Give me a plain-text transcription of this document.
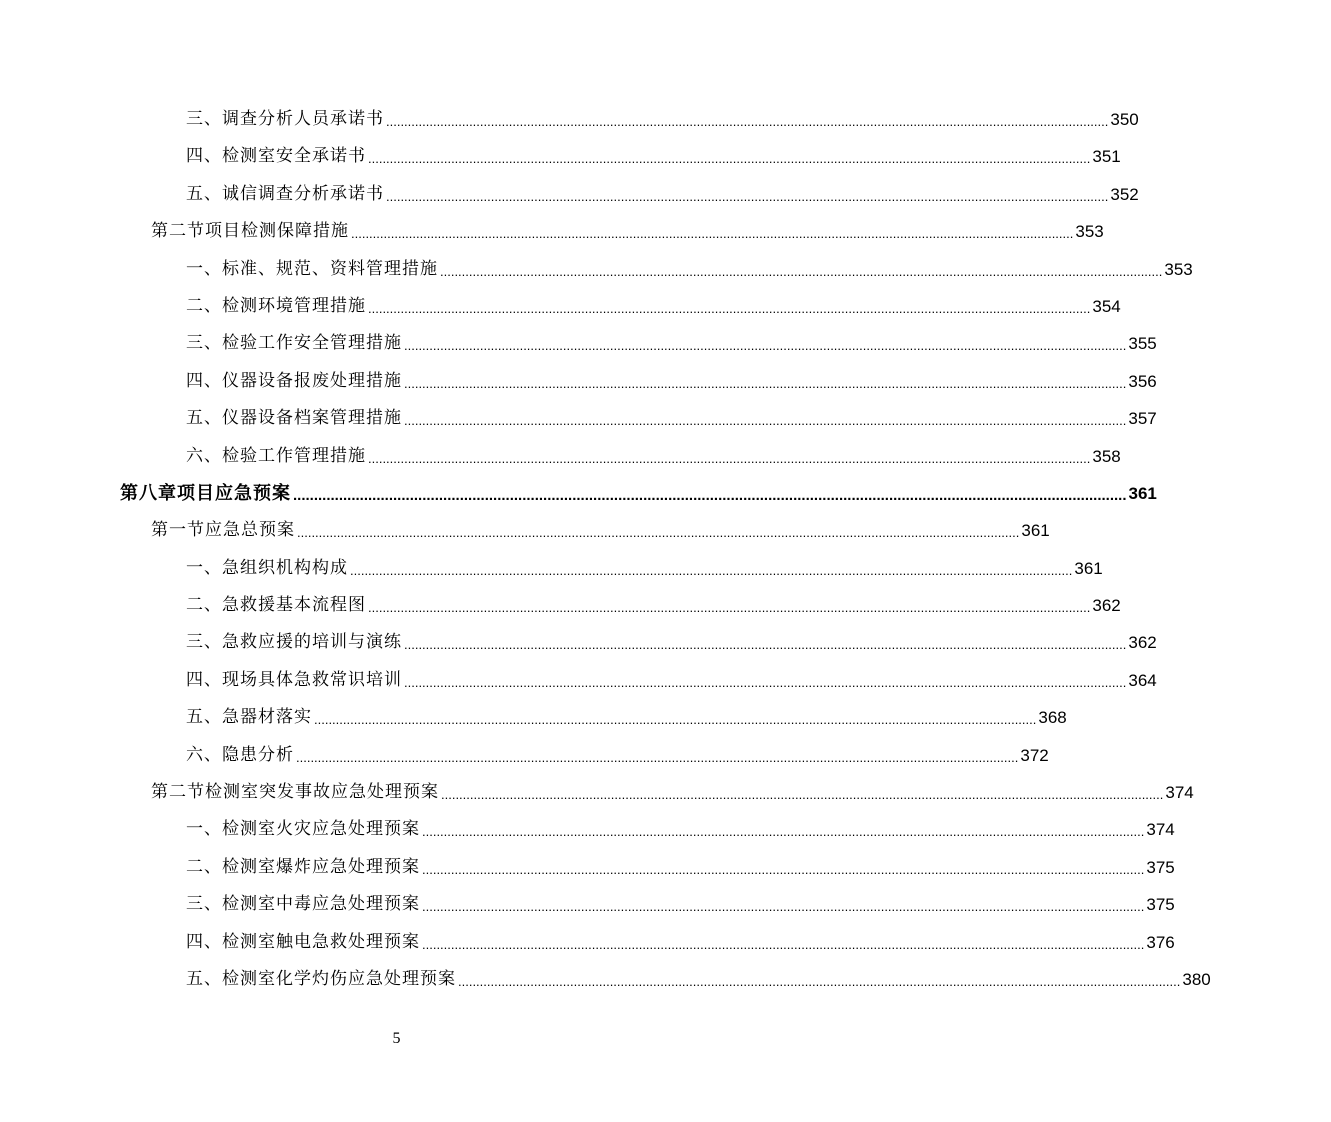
三、 调查分析人员承诺书 ........................................................................................................................................................................................................ 350
四、 检测室安全承诺书 ........................................................................................................................................................................................................ 351
五、 诚信调查分析承诺书 ........................................................................................................................................................................................................ 352
第二节 项目检测保障措施 ........................................................................................................................................................................................................ 353
一、 标准、规范、资料管理措施 ........................................................................................................................................................................................................ 353
二、 检测环境管理措施 ........................................................................................................................................................................................................ 354
三、 检验工作安全管理措施 ........................................................................................................................................................................................................ 355
四、 仪器设备报废处理措施 ........................................................................................................................................................................................................ 356
五、 仪器设备档案管理措施 ........................................................................................................................................................................................................ 357
六、 检验工作管理措施 ........................................................................................................................................................................................................ 358
第八章 项目应急预案 ........................................................................................................................................................................................................ 361
第一节 应急总预案 ........................................................................................................................................................................................................ 361
一、 急组织机构构成 ........................................................................................................................................................................................................ 361
二、 急救援基本流程图 ........................................................................................................................................................................................................ 362
三、 急救应援的培训与演练 ........................................................................................................................................................................................................ 362
四、 现场具体急救常识培训 ........................................................................................................................................................................................................ 364
五、 急器材落实 ........................................................................................................................................................................................................ 368
六、 隐患分析 ........................................................................................................................................................................................................ 372
第二节 检测室突发事故应急处理预案 ........................................................................................................................................................................................................ 374
一、 检测室火灾应急处理预案 ........................................................................................................................................................................................................ 374
二、 检测室爆炸应急处理预案 ........................................................................................................................................................................................................ 375
三、 检测室中毒应急处理预案 ........................................................................................................................................................................................................ 375
四、 检测室触电急救处理预案 ........................................................................................................................................................................................................ 376
五、 检测室化学灼伤应急处理预案 ........................................................................................................................................................................................................ 380
5
